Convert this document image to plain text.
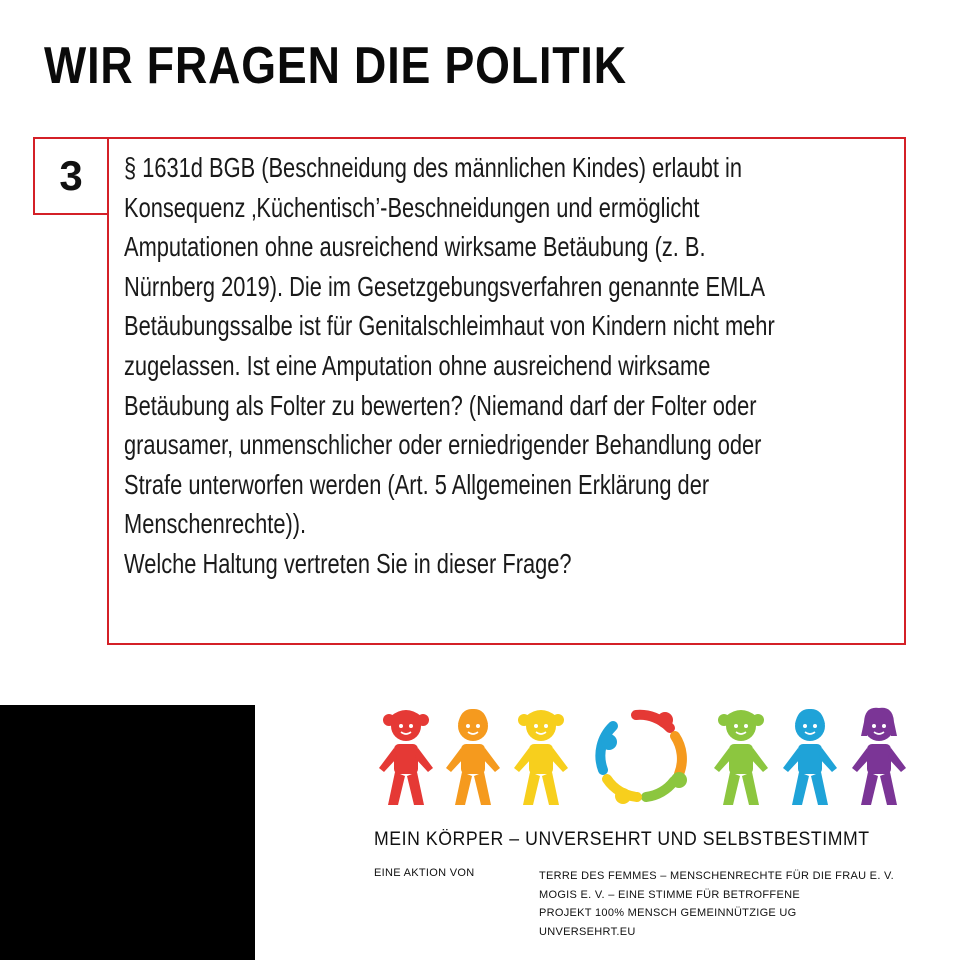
WIR FRAGEN DIE POLITIK
3 § 1631d BGB (Beschneidung des männlichen Kindes) erlaubt in
Konsequenz ‚Küchentisch’-Beschneidungen und ermöglicht
Amputationen ohne ausreichend wirksame Betäubung (z. B.
Nürnberg 2019). Die im Gesetzgebungsverfahren genannte EMLA
Betäubungssalbe ist für Genitalschleimhaut von Kindern nicht mehr
zugelassen. Ist eine Amputation ohne ausreichend wirksame
Betäubung als Folter zu bewerten? (Niemand darf der Folter oder
grausamer, unmenschlicher oder erniedrigender Behandlung oder
Strafe unterworfen werden (Art. 5 Allgemeinen Erklärung der
Menschenrechte)).
Welche Haltung vertreten Sie in dieser Frage?
MEIN KÖRPER – UNVERSEHRT UND SELBSTBESTIMMT
EINE AKTION VON	TERRE DES FEMMES – MENSCHENRECHTE FÜR DIE FRAU E. V.
MOGIS E. V. – EINE STIMME FÜR BETROFFENE
PROJEKT 100% MENSCH GEMEINNÜTZIGE UG
UNVERSEHRT.EU
